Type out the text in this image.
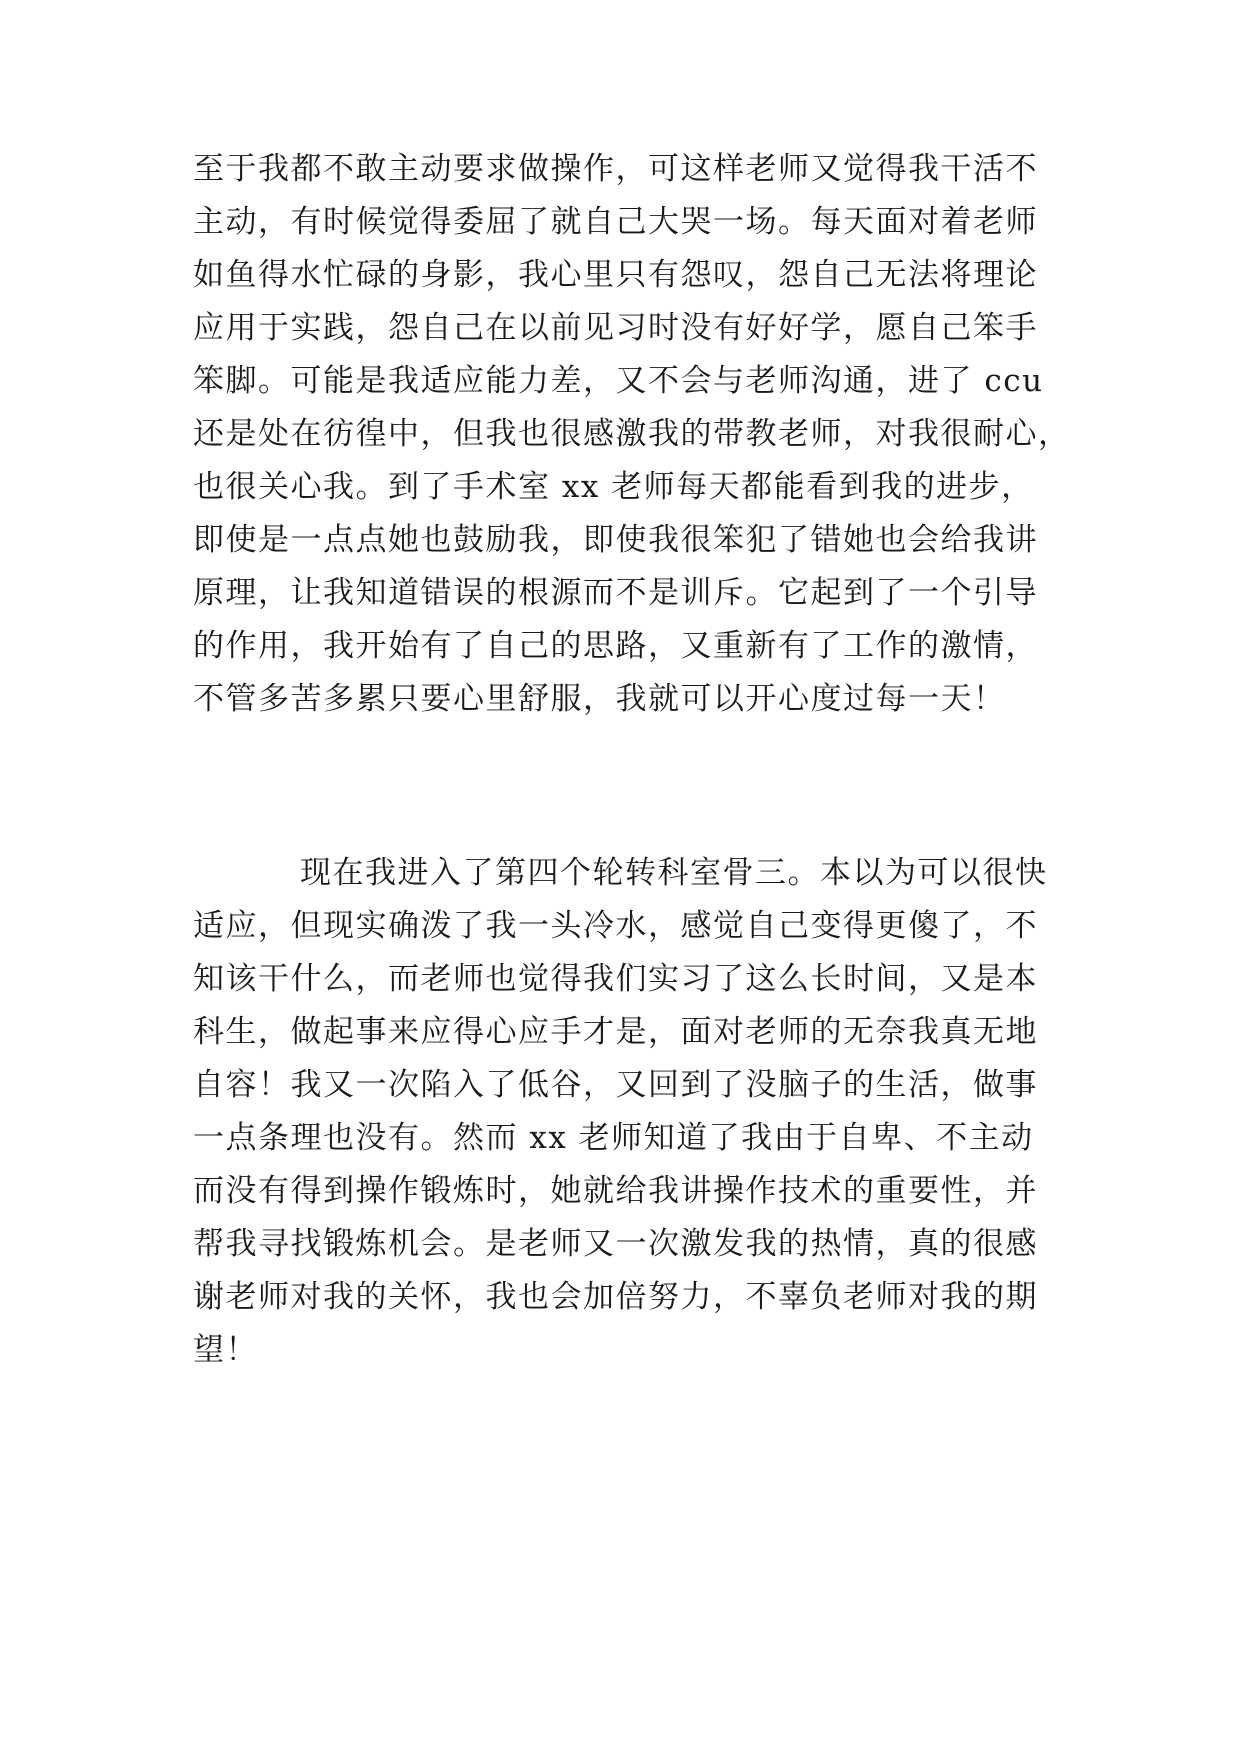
至于我都不敢主动要求做操作，可这样老师又觉得我干活不
主动，有时候觉得委屈了就自己大哭一场。每天面对着老师
如鱼得水忙碌的身影，我心里只有怨叹，怨自己无法将理论
应用于实践，怨自己在以前见习时没有好好学，愿自己笨手
笨脚。可能是我适应能力差，又不会与老师沟通，进了 ccu
还是处在彷徨中，但我也很感激我的带教老师，对我很耐心，
也很关心我。到了手术室 xx 老师每天都能看到我的进步，
即使是一点点她也鼓励我，即使我很笨犯了错她也会给我讲
原理，让我知道错误的根源而不是训斥。它起到了一个引导
的作用，我开始有了自己的思路，又重新有了工作的激情，
不管多苦多累只要心里舒服，我就可以开心度过每一天！
现在我进入了第四个轮转科室骨三。本以为可以很快
适应，但现实确泼了我一头冷水，感觉自己变得更傻了，不
知该干什么，而老师也觉得我们实习了这么长时间，又是本
科生，做起事来应得心应手才是，面对老师的无奈我真无地
自容！我又一次陷入了低谷，又回到了没脑子的生活，做事
一点条理也没有。然而 xx 老师知道了我由于自卑、不主动
而没有得到操作锻炼时，她就给我讲操作技术的重要性，并
帮我寻找锻炼机会。是老师又一次激发我的热情，真的很感
谢老师对我的关怀，我也会加倍努力，不辜负老师对我的期
望！
